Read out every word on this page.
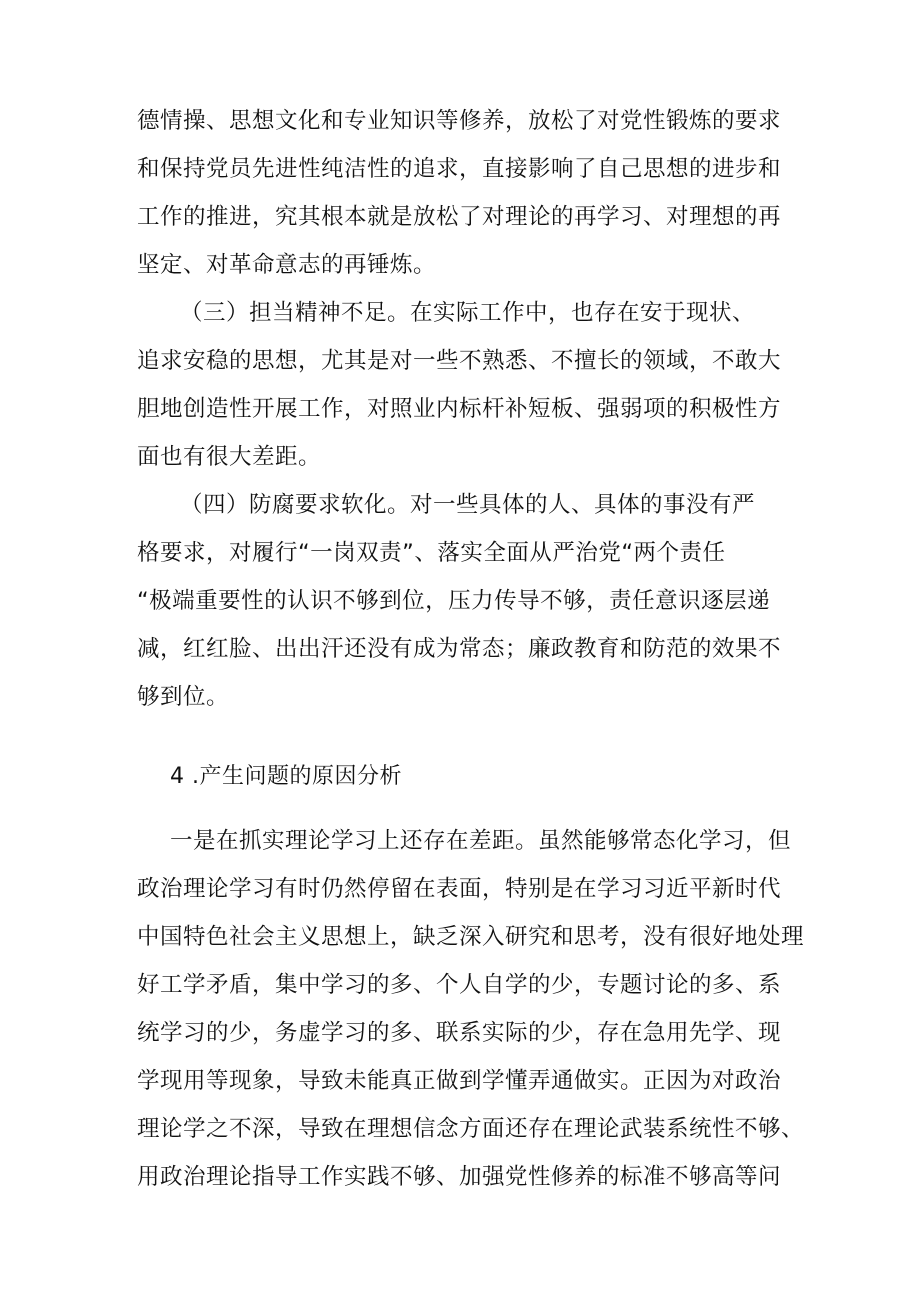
德情操、思想文化和专业知识等修养，放松了对党性锻炼的要求
和保持党员先进性纯洁性的追求，直接影响了自己思想的进步和
工作的推进，究其根本就是放松了对理论的再学习、对理想的再
坚定、对革命意志的再锤炼。
（三）担当精神不足。在实际工作中，也存在安于现状、
追求安稳的思想，尤其是对一些不熟悉、不擅长的领域，不敢大
胆地创造性开展工作，对照业内标杆补短板、强弱项的积极性方
面也有很大差距。
（四）防腐要求软化。对一些具体的人、具体的事没有严
格要求，对履行“一岗双责”、落实全面从严治党“两个责任
“极端重要性的认识不够到位，压力传导不够，责任意识逐层递
减，红红脸、出出汗还没有成为常态；廉政教育和防范的效果不
够到位。
4 .产生问题的原因分析
一是在抓实理论学习上还存在差距。虽然能够常态化学习，但
政治理论学习有时仍然停留在表面，特别是在学习习近平新时代
中国特色社会主义思想上，缺乏深入研究和思考，没有很好地处理
好工学矛盾，集中学习的多、个人自学的少，专题讨论的多、系
统学习的少，务虚学习的多、联系实际的少，存在急用先学、现
学现用等现象，导致未能真正做到学懂弄通做实。正因为对政治
理论学之不深，导致在理想信念方面还存在理论武装系统性不够、
用政治理论指导工作实践不够、加强党性修养的标准不够高等问
